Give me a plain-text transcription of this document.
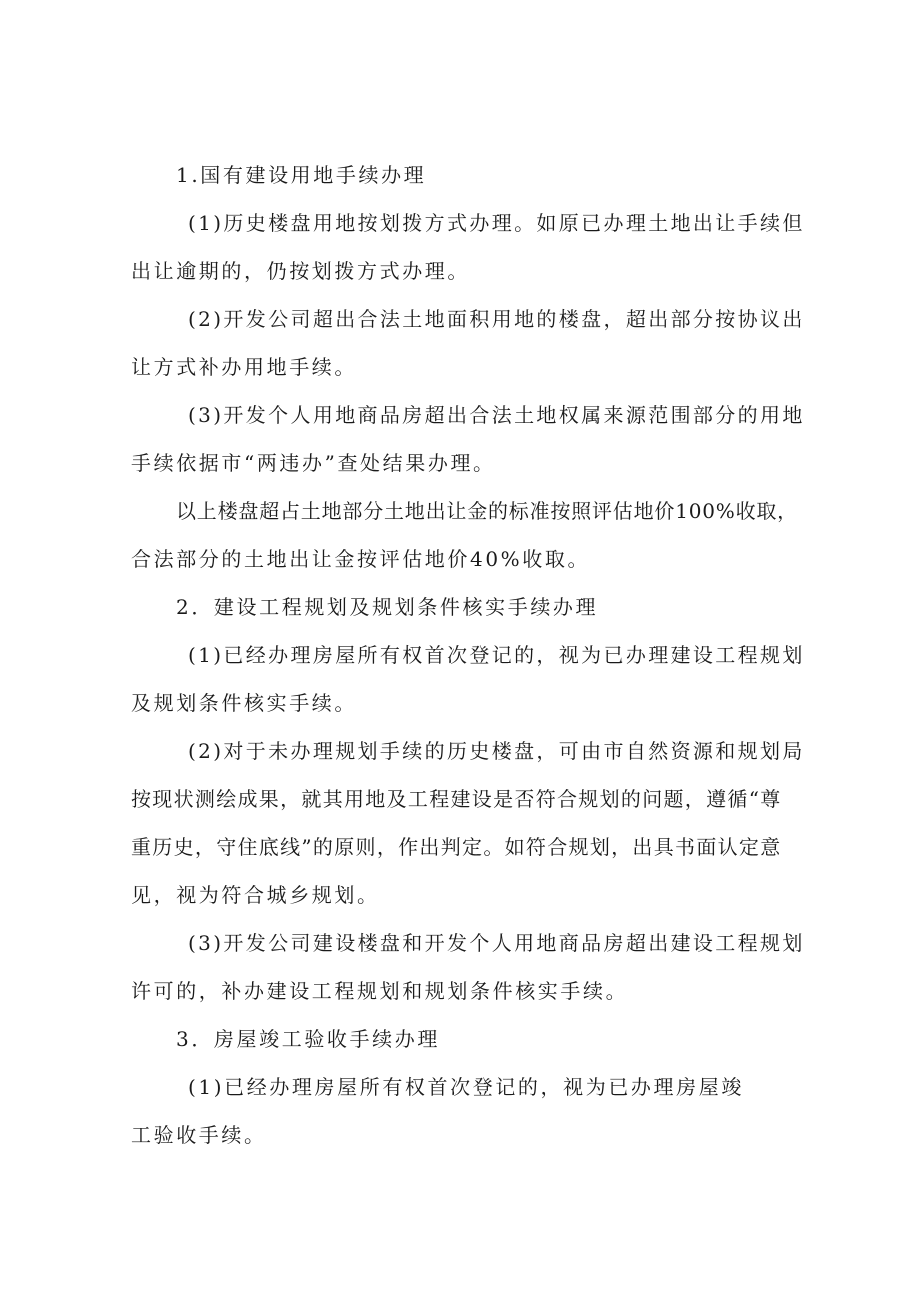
1.国有建设用地手续办理

(1)历史楼盘用地按划拨方式办理。如原已办理土地出让手续但

出让逾期的，仍按划拨方式办理。

(2)开发公司超出合法土地面积用地的楼盘，超出部分按协议出

让方式补办用地手续。

(3)开发个人用地商品房超出合法土地权属来源范围部分的用地

手续依据市“两违办”查处结果办理。

以上楼盘超占土地部分土地出让金的标准按照评估地价100%收取，

合法部分的土地出让金按评估地价40%收取。

2．建设工程规划及规划条件核实手续办理

(1)已经办理房屋所有权首次登记的，视为已办理建设工程规划

及规划条件核实手续。

(2)对于未办理规划手续的历史楼盘，可由市自然资源和规划局

按现状测绘成果，就其用地及工程建设是否符合规划的问题，遵循“尊

重历史，守住底线”的原则，作出判定。如符合规划，出具书面认定意

见，视为符合城乡规划。

(3)开发公司建设楼盘和开发个人用地商品房超出建设工程规划

许可的，补办建设工程规划和规划条件核实手续。

3．房屋竣工验收手续办理

(1)已经办理房屋所有权首次登记的，视为已办理房屋竣

工验收手续。
